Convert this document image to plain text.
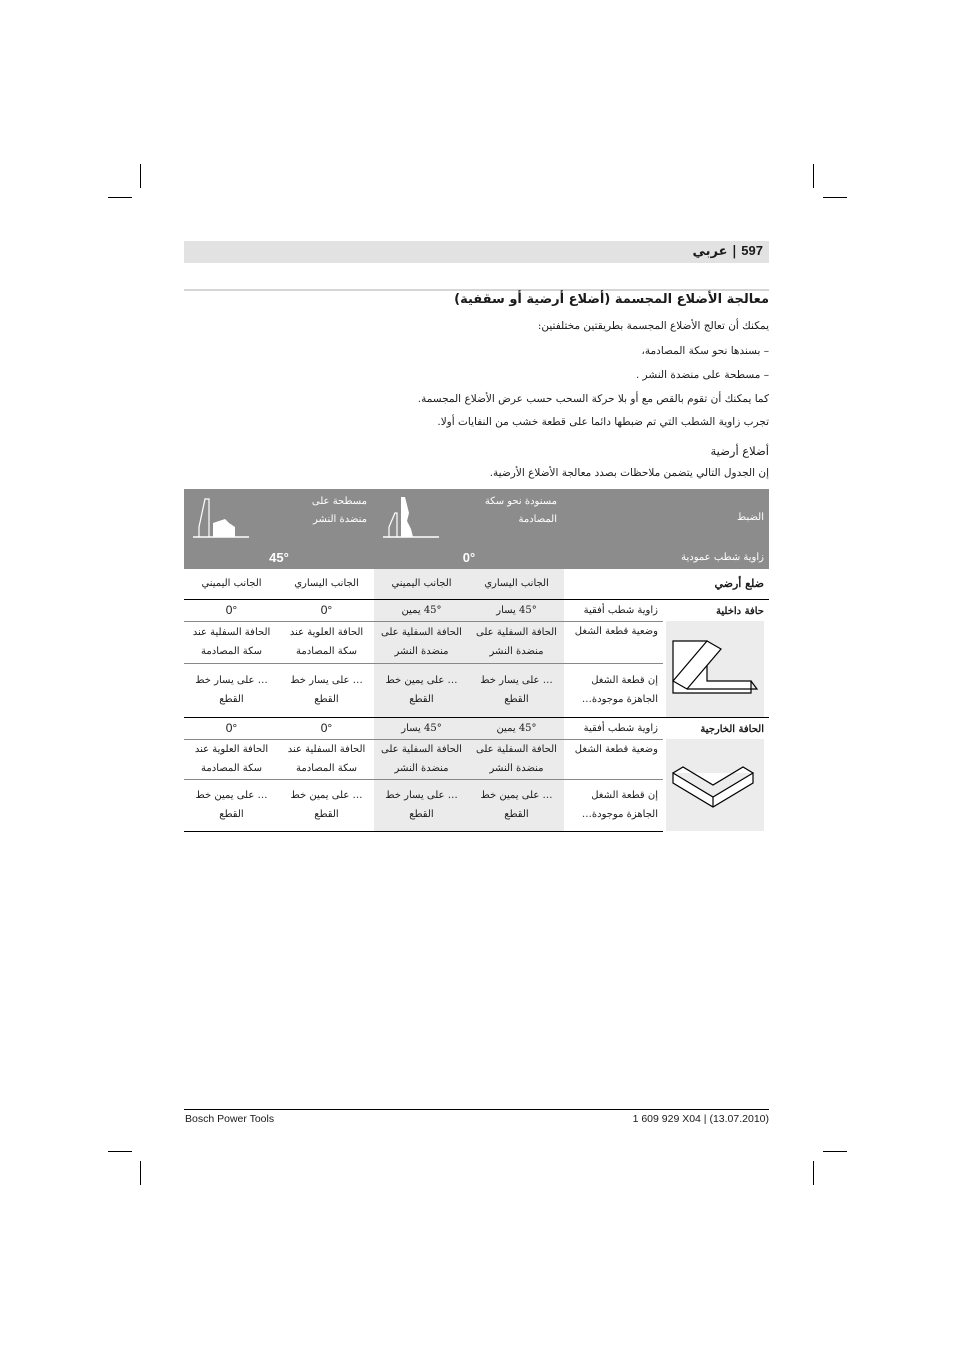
597 | عربي
معالجة الأضلاع المجسمة (أضلاع أرضية أو سقفية)
يمكنك أن تعالج الأضلاع المجسمة بطريقتين مختلفتين:
– بسندها نحو سكة المصادمة،
– مسطحة على منضدة النشر .
كما يمكنك أن تقوم بالقص مع أو بلا حركة السحب حسب عرض الأضلاع المجسمة.
تجرب زاوية الشطب التي تم ضبطها دائما على قطعة خشب من النفايات أولا.
أضلاع أرضية
إن الجدول التالي يتضمن ملاحظات بصدد معالجة الأضلاع الأرضية.
الضبط		مسنودة نحو سكة المصادمة		مسطحة على منضدة النشر	

زاوية شطب عمودية		0°		45°	
ضلع أرضي		الجانب اليساري	الجانب اليميني	الجانب اليساري	الجانب اليميني

حافة داخلية	زاوية شطب أفقية	45° يسار	45° يمين	0°	0°
	وضعية قطعة الشغل	الحافة السفلية على منضدة النشر	الحافة السفلية على منضدة النشر	الحافة العلوية عند سكة المصادمة	الحافة السفلية عند سكة المصادمة
	إن قطعة الشغل الجاهزة موجودة…	… على يسار خط القطع	… على يمين خط القطع	… على يسار خط القطع	… على يسار خط القطع

الحافة الخارجية	زاوية شطب أفقية	45° يمين	45° يسار	0°	0°
	وضعية قطعة الشغل	الحافة السفلية على منضدة النشر	الحافة السفلية على منضدة النشر	الحافة السفلية عند سكة المصادمة	الحافة العلوية عند سكة المصادمة
	إن قطعة الشغل الجاهزة موجودة…	… على يمين خط القطع	… على يسار خط القطع	… على يمين خط القطع	… على يمين خط القطع
Bosch Power Tools	1 609 929 X04 | (13.07.2010)
